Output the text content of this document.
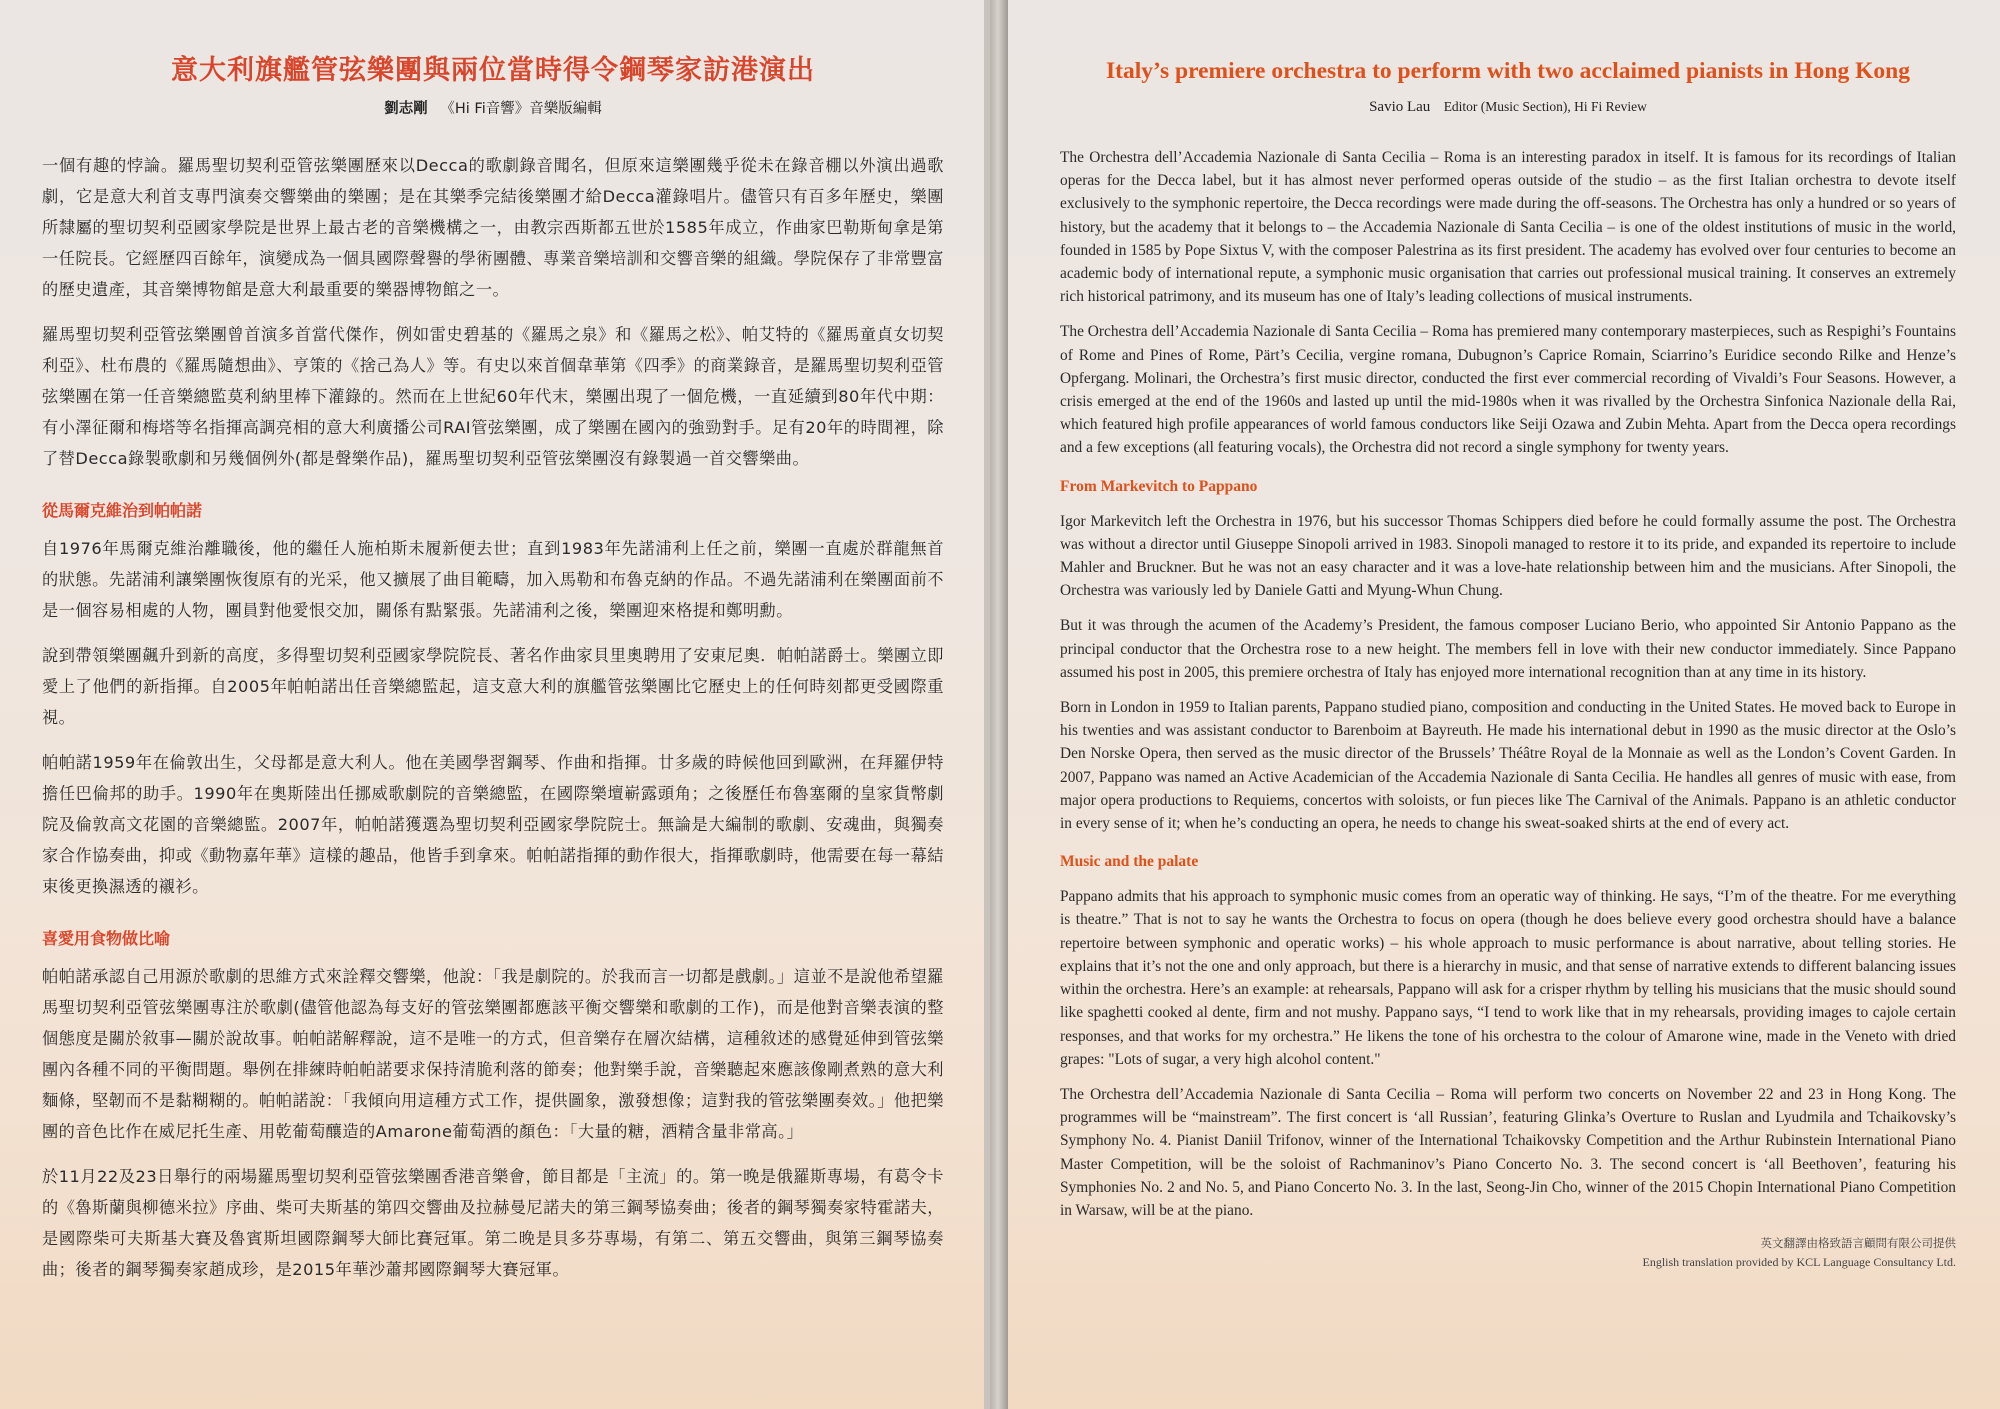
意大利旗艦管弦樂團與兩位當時得令鋼琴家訪港演出
劉志剛 《Hi Fi音響》音樂版編輯

一個有趣的悖論。羅馬聖切契利亞管弦樂團歷來以Decca的歌劇錄音聞名，但原來這樂團幾乎從未在錄音棚以外演出過歌劇，它是意大利首支專門演奏交響樂曲的樂團；是在其樂季完結後樂團才給Decca灌錄唱片。儘管只有百多年歷史，樂團所隸屬的聖切契利亞國家學院是世界上最古老的音樂機構之一，由教宗西斯都五世於1585年成立，作曲家巴勒斯甸拿是第一任院長。它經歷四百餘年，演變成為一個具國際聲譽的學術團體、專業音樂培訓和交響音樂的組織。學院保存了非常豐富的歷史遺產，其音樂博物館是意大利最重要的樂器博物館之一。

羅馬聖切契利亞管弦樂團曾首演多首當代傑作，例如雷史碧基的《羅馬之泉》和《羅馬之松》、帕艾特的《羅馬童貞女切契利亞》、杜布農的《羅馬隨想曲》、亨策的《捨己為人》等。有史以來首個韋華第《四季》的商業錄音，是羅馬聖切契利亞管弦樂團在第一任音樂總監莫利納里棒下灌錄的。然而在上世紀60年代末，樂團出現了一個危機，一直延續到80年代中期：有小澤征爾和梅塔等名指揮高調亮相的意大利廣播公司RAI管弦樂團，成了樂團在國內的強勁對手。足有20年的時間裡，除了替Decca錄製歌劇和另幾個例外(都是聲樂作品)，羅馬聖切契利亞管弦樂團沒有錄製過一首交響樂曲。

從馬爾克維治到帕帕諾

自1976年馬爾克維治離職後，他的繼任人施柏斯未履新便去世；直到1983年先諾浦利上任之前，樂團一直處於群龍無首的狀態。先諾浦利讓樂團恢復原有的光采，他又擴展了曲目範疇，加入馬勒和布魯克納的作品。不過先諾浦利在樂團面前不是一個容易相處的人物，團員對他愛恨交加，關係有點緊張。先諾浦利之後，樂團迎來格提和鄭明勳。

說到帶領樂團飆升到新的高度，多得聖切契利亞國家學院院長、著名作曲家貝里奧聘用了安東尼奧．帕帕諾爵士。樂團立即愛上了他們的新指揮。自2005年帕帕諾出任音樂總監起，這支意大利的旗艦管弦樂團比它歷史上的任何時刻都更受國際重視。

帕帕諾1959年在倫敦出生，父母都是意大利人。他在美國學習鋼琴、作曲和指揮。廿多歲的時候他回到歐洲，在拜羅伊特擔任巴倫邦的助手。1990年在奧斯陸出任挪威歌劇院的音樂總監，在國際樂壇嶄露頭角；之後歷任布魯塞爾的皇家貨幣劇院及倫敦高文花園的音樂總監。2007年，帕帕諾獲選為聖切契利亞國家學院院士。無論是大編制的歌劇、安魂曲，與獨奏家合作協奏曲，抑或《動物嘉年華》這樣的趣品，他皆手到拿來。帕帕諾指揮的動作很大，指揮歌劇時，他需要在每一幕結束後更換濕透的襯衫。

喜愛用食物做比喻

帕帕諾承認自己用源於歌劇的思維方式來詮釋交響樂，他說：「我是劇院的。於我而言一切都是戲劇。」這並不是說他希望羅馬聖切契利亞管弦樂團專注於歌劇(儘管他認為每支好的管弦樂團都應該平衡交響樂和歌劇的工作)，而是他對音樂表演的整個態度是關於敘事—關於說故事。帕帕諾解釋說，這不是唯一的方式，但音樂存在層次結構，這種敘述的感覺延伸到管弦樂團內各種不同的平衡問題。舉例在排練時帕帕諾要求保持清脆利落的節奏；他對樂手說，音樂聽起來應該像剛煮熟的意大利麵條，堅韌而不是黏糊糊的。帕帕諾說：「我傾向用這種方式工作，提供圖象，激發想像；這對我的管弦樂團奏效。」他把樂團的音色比作在威尼托生產、用乾葡萄釀造的Amarone葡萄酒的顏色：「大量的糖，酒精含量非常高。」

於11月22及23日舉行的兩場羅馬聖切契利亞管弦樂團香港音樂會，節目都是「主流」的。第一晚是俄羅斯專場，有葛令卡的《魯斯蘭與柳德米拉》序曲、柴可夫斯基的第四交響曲及拉赫曼尼諾夫的第三鋼琴協奏曲；後者的鋼琴獨奏家特霍諾夫，是國際柴可夫斯基大賽及魯賓斯坦國際鋼琴大師比賽冠軍。第二晚是貝多芬專場，有第二、第五交響曲，與第三鋼琴協奏曲；後者的鋼琴獨奏家趙成珍，是2015年華沙蕭邦國際鋼琴大賽冠軍。

Italy’s premiere orchestra to perform with two acclaimed pianists in Hong Kong
Savio Lau Editor (Music Section), Hi Fi Review

The Orchestra dell’Accademia Nazionale di Santa Cecilia – Roma is an interesting paradox in itself. It is famous for its recordings of Italian operas for the Decca label, but it has almost never performed operas outside of the studio – as the first Italian orchestra to devote itself exclusively to the symphonic repertoire, the Decca recordings were made during the off-seasons. The Orchestra has only a hundred or so years of history, but the academy that it belongs to – the Accademia Nazionale di Santa Cecilia – is one of the oldest institutions of music in the world, founded in 1585 by Pope Sixtus V, with the composer Palestrina as its first president. The academy has evolved over four centuries to become an academic body of international repute, a symphonic music organisation that carries out professional musical training. It conserves an extremely rich historical patrimony, and its museum has one of Italy’s leading collections of musical instruments.

The Orchestra dell’Accademia Nazionale di Santa Cecilia – Roma has premiered many contemporary masterpieces, such as Respighi’s Fountains of Rome and Pines of Rome, Pärt’s Cecilia, vergine romana, Dubugnon’s Caprice Romain, Sciarrino’s Euridice secondo Rilke and Henze’s Opfergang. Molinari, the Orchestra’s first music director, conducted the first ever commercial recording of Vivaldi’s Four Seasons. However, a crisis emerged at the end of the 1960s and lasted up until the mid-1980s when it was rivalled by the Orchestra Sinfonica Nazionale della Rai, which featured high profile appearances of world famous conductors like Seiji Ozawa and Zubin Mehta. Apart from the Decca opera recordings and a few exceptions (all featuring vocals), the Orchestra did not record a single symphony for twenty years.

From Markevitch to Pappano

Igor Markevitch left the Orchestra in 1976, but his successor Thomas Schippers died before he could formally assume the post. The Orchestra was without a director until Giuseppe Sinopoli arrived in 1983. Sinopoli managed to restore it to its pride, and expanded its repertoire to include Mahler and Bruckner. But he was not an easy character and it was a love-hate relationship between him and the musicians. After Sinopoli, the Orchestra was variously led by Daniele Gatti and Myung-Whun Chung.

But it was through the acumen of the Academy’s President, the famous composer Luciano Berio, who appointed Sir Antonio Pappano as the principal conductor that the Orchestra rose to a new height. The members fell in love with their new conductor immediately. Since Pappano assumed his post in 2005, this premiere orchestra of Italy has enjoyed more international recognition than at any time in its history.

Born in London in 1959 to Italian parents, Pappano studied piano, composition and conducting in the United States. He moved back to Europe in his twenties and was assistant conductor to Barenboim at Bayreuth. He made his international debut in 1990 as the music director at the Oslo’s Den Norske Opera, then served as the music director of the Brussels’ Théâtre Royal de la Monnaie as well as the London’s Covent Garden. In 2007, Pappano was named an Active Academician of the Accademia Nazionale di Santa Cecilia. He handles all genres of music with ease, from major opera productions to Requiems, concertos with soloists, or fun pieces like The Carnival of the Animals. Pappano is an athletic conductor in every sense of it; when he’s conducting an opera, he needs to change his sweat-soaked shirts at the end of every act.

Music and the palate

Pappano admits that his approach to symphonic music comes from an operatic way of thinking. He says, “I’m of the theatre. For me everything is theatre.” That is not to say he wants the Orchestra to focus on opera (though he does believe every good orchestra should have a balance repertoire between symphonic and operatic works) – his whole approach to music performance is about narrative, about telling stories. He explains that it’s not the one and only approach, but there is a hierarchy in music, and that sense of narrative extends to different balancing issues within the orchestra. Here’s an example: at rehearsals, Pappano will ask for a crisper rhythm by telling his musicians that the music should sound like spaghetti cooked al dente, firm and not mushy. Pappano says, “I tend to work like that in my rehearsals, providing images to cajole certain responses, and that works for my orchestra.” He likens the tone of his orchestra to the colour of Amarone wine, made in the Veneto with dried grapes: "Lots of sugar, a very high alcohol content."

The Orchestra dell’Accademia Nazionale di Santa Cecilia – Roma will perform two concerts on November 22 and 23 in Hong Kong. The programmes will be “mainstream”. The first concert is ‘all Russian’, featuring Glinka’s Overture to Ruslan and Lyudmila and Tchaikovsky’s Symphony No. 4. Pianist Daniil Trifonov, winner of the International Tchaikovsky Competition and the Arthur Rubinstein International Piano Master Competition, will be the soloist of Rachmaninov’s Piano Concerto No. 3. The second concert is ‘all Beethoven’, featuring his Symphonies No. 2 and No. 5, and Piano Concerto No. 3. In the last, Seong-Jin Cho, winner of the 2015 Chopin International Piano Competition in Warsaw, will be at the piano.

英文翻譯由格致語言顧問有限公司提供
English translation provided by KCL Language Consultancy Ltd.
